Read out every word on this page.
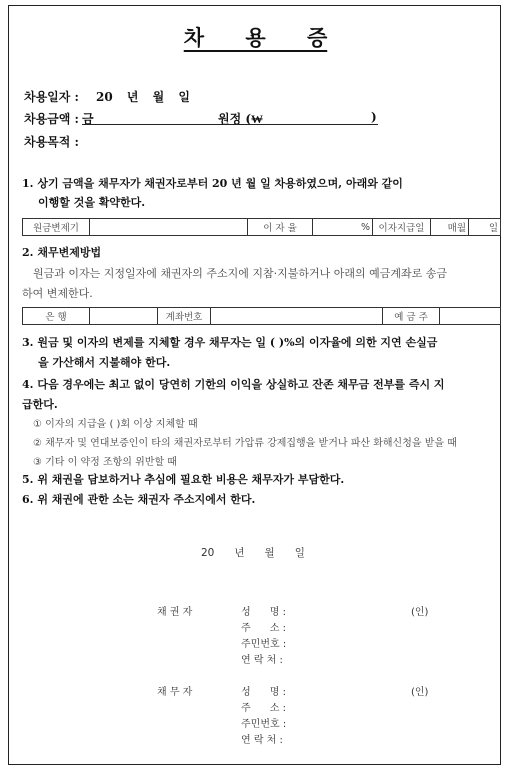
차 용 증
차용일자 : 20 년 월 일
차용금액 : 금	원정 (₩	)
차용목적 :
1. 상기 금액을 채무자가 채권자로부터 20 년 월 일 차용하였으며, 아래와 같이
이행할 것을 확약한다.
원금변제기		이 자 율	%	이자지급일	매월	일
2. 채무변제방법
원금과 이자는 지정일자에 채권자의 주소지에 지참·지불하거나 아래의 예금계좌로 송금
하여 변제한다.
은 행		계좌번호		예 금 주	
3. 원금 및 이자의 변제를 지체할 경우 채무자는 일 ( )%의 이자율에 의한 지연 손실금
을 가산해서 지불해야 한다.
4. 다음 경우에는 최고 없이 당연히 기한의 이익을 상실하고 잔존 채무금 전부를 즉시 지
급한다.
① 이자의 지급을 ( )회 이상 지체할 때
② 채무자 및 연대보증인이 타의 채권자로부터 가압류 강제집행을 받거나 파산 화해신청을 받을 때
③ 기타 이 약정 조항의 위반할 때
5. 위 채권을 담보하거나 추심에 필요한 비용은 채무자가 부담한다.
6. 위 채권에 관한 소는 채권자 주소지에서 한다.
20      년      월      일
채 권 자	성      명 :	(인)
주      소 :
주민번호 :
연 락 처 :
채 무 자	성      명 :	(인)
주      소 :
주민번호 :
연 락 처 :
